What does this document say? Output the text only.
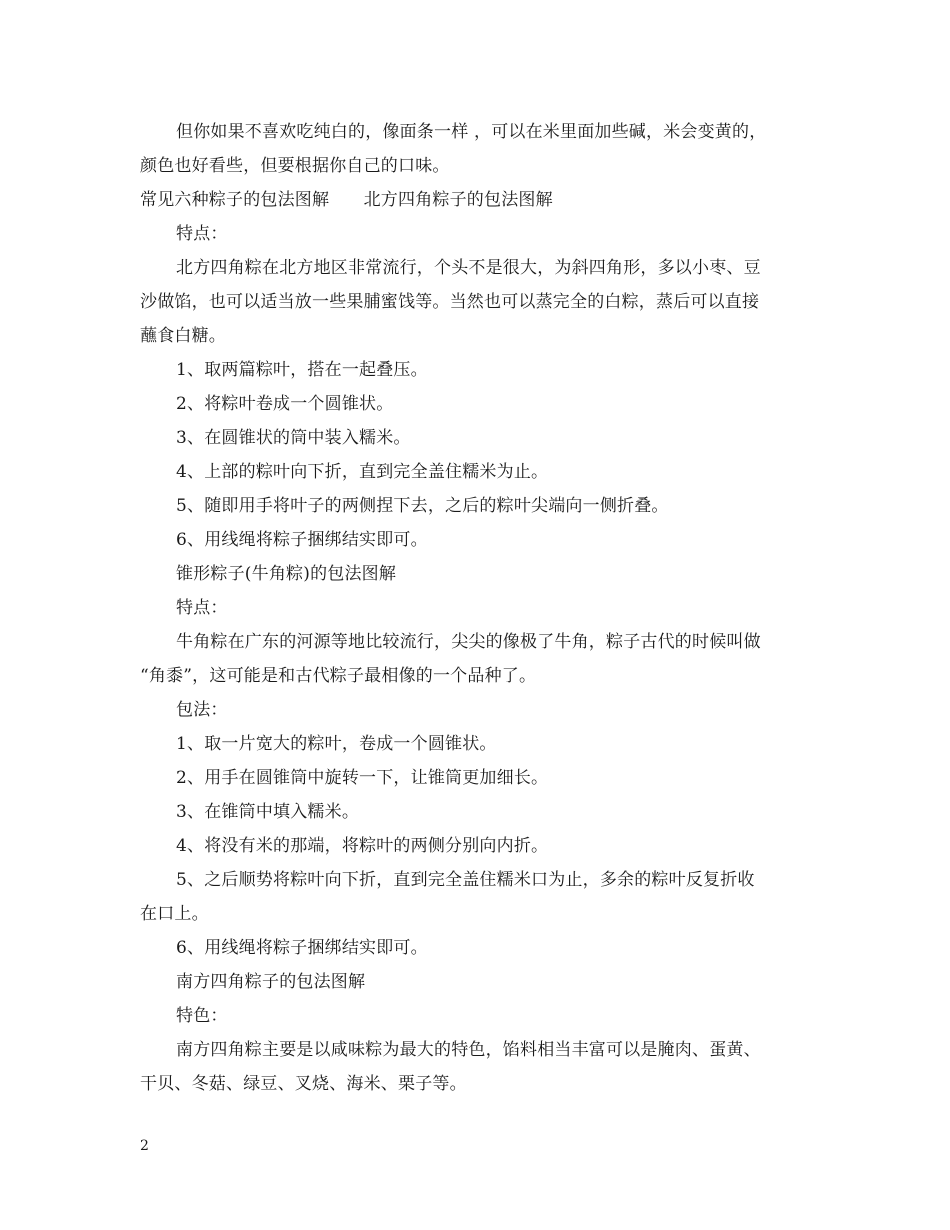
但你如果不喜欢吃纯白的，像面条一样 ，可以在米里面加些碱，米会变黄的，
颜色也好看些，但要根据你自己的口味。
常见六种粽子的包法图解　　北方四角粽子的包法图解
特点：
北方四角粽在北方地区非常流行，个头不是很大，为斜四角形，多以小枣、豆
沙做馅，也可以适当放一些果脯蜜饯等。当然也可以蒸完全的白粽，蒸后可以直接
蘸食白糖。
1、取两篇粽叶，搭在一起叠压。
2、将粽叶卷成一个圆锥状。
3、在圆锥状的筒中装入糯米。
4、上部的粽叶向下折，直到完全盖住糯米为止。
5、随即用手将叶子的两侧捏下去，之后的粽叶尖端向一侧折叠。
6、用线绳将粽子捆绑结实即可。
锥形粽子(牛角粽)的包法图解
特点：
牛角粽在广东的河源等地比较流行，尖尖的像极了牛角，粽子古代的时候叫做
“角黍”，这可能是和古代粽子最相像的一个品种了。
包法：
1、取一片宽大的粽叶，卷成一个圆锥状。
2、用手在圆锥筒中旋转一下，让锥筒更加细长。
3、在锥筒中填入糯米。
4、将没有米的那端，将粽叶的两侧分别向内折。
5、之后顺势将粽叶向下折，直到完全盖住糯米口为止，多余的粽叶反复折收
在口上。
6、用线绳将粽子捆绑结实即可。
南方四角粽子的包法图解
特色：
南方四角粽主要是以咸味粽为最大的特色，馅料相当丰富可以是腌肉、蛋黄、
干贝、冬菇、绿豆、叉烧、海米、栗子等。
2
